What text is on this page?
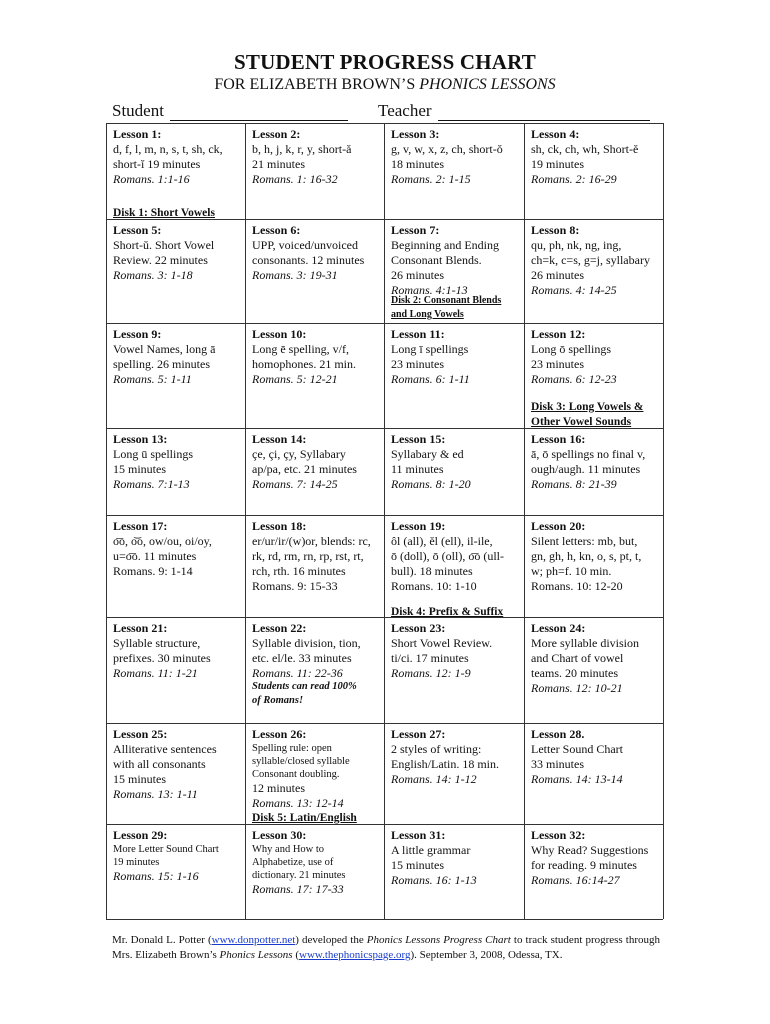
STUDENT PROGRESS CHART
FOR ELIZABETH BROWN’S PHONICS LESSONS
Student	Teacher
Lesson 1:
d, f, l, m, n, s, t, sh, ck,
short-ĭ 19 minutes
Romans. 1:1-16
Lesson 2:
b, h, j, k, r, y, short-ă
21 minutes
Romans. 1: 16-32
Lesson 3:
g, v, w, x, z, ch, short-ŏ
18 minutes
Romans. 2: 1-15
Lesson 4:
sh, ck, ch, wh, Short-ĕ
19 minutes
Romans. 2: 16-29
Lesson 5:
Short-ŭ. Short Vowel
Review. 22 minutes
Romans. 3: 1-18
Lesson 6:
UPP, voiced/unvoiced
consonants. 12 minutes
Romans. 3: 19-31
Lesson 7:
Beginning and Ending
Consonant Blends.
26 minutes
Romans. 4:1-13
Lesson 8:
qu, ph, nk, ng, ing,
ch=k, c=s, g=j, syllabary
26 minutes
Romans. 4: 14-25
Lesson 9:
Vowel Names, long ā
spelling. 26 minutes
Romans. 5: 1-11
Lesson 10:
Long ē spelling, v/f,
homophones. 21 min.
Romans. 5: 12-21
Lesson 11:
Long ī spellings
23 minutes
Romans. 6: 1-11
Lesson 12:
Long ō spellings
23 minutes
Romans. 6: 12-23
Lesson 13:
Long ū spellings
15 minutes
Romans. 7:1-13
Lesson 14:
çe, çi, çy, Syllabary
ap/pa, etc. 21 minutes
Romans. 7: 14-25
Lesson 15:
Syllabary & ed
11 minutes
Romans. 8: 1-20
Lesson 16:
ā, ō spellings no final v,
ough/augh. 11 minutes
Romans. 8: 21-39
Lesson 17:
o͞o, o͝o, ow/ou, oi/oy,
u=o͞o. 11 minutes
Romans. 9: 1-14
Lesson 18:
er/ur/ir/(w)or, blends: rc,
rk, rd, rm, rn, rp, rst, rt,
rch, rth. 16 minutes
Romans. 9: 15-33
Lesson 19:
ôl (all), ĕl (ell), il-ile,
ō (doll), ō (oll), o͞o (ull-
bull). 18 minutes
Romans. 10: 1-10
Lesson 20:
Silent letters: mb, but,
gn, gh, h, kn, o, s, pt, t,
w; ph=f. 10 min.
Romans. 10: 12-20
Lesson 21:
Syllable structure,
prefixes. 30 minutes
Romans. 11: 1-21
Lesson 22:
Syllable division, tion,
etc. el/le. 33 minutes
Romans. 11: 22-36
Lesson 23:
Short Vowel Review.
ti/ci. 17 minutes
Romans. 12: 1-9
Lesson 24:
More syllable division
and Chart of vowel
teams. 20 minutes
Romans. 12: 10-21
Lesson 25:
Alliterative sentences
with all consonants
15 minutes
Romans. 13: 1-11
Lesson 26:
Spelling rule: open
syllable/closed syllable
Consonant doubling.
12 minutes
Romans. 13: 12-14
Lesson 27:
2 styles of writing:
English/Latin. 18 min.
Romans. 14: 1-12
Lesson 28.
Letter Sound Chart
33 minutes
Romans. 14: 13-14
Lesson 29:
More Letter Sound Chart
19 minutes
Romans. 15: 1-16
Lesson 30:
Why and How to
Alphabetize, use of
dictionary. 21 minutes
Romans. 17: 17-33
Lesson 31:
A little grammar
15 minutes
Romans. 16: 1-13
Lesson 32:
Why Read? Suggestions
for reading. 9 minutes
Romans. 16:14-27
Disk 1: Short Vowels
Disk 2: Consonant Blends
and Long Vowels
Disk 3: Long Vowels &
Other Vowel Sounds
Disk 4: Prefix & Suffix
Disk 5: Latin/English
Students can read 100%
of Romans!
Mr. Donald L. Potter (www.donpotter.net) developed the Phonics Lessons Progress Chart to track student progress through Mrs. Elizabeth Brown’s Phonics Lessons (www.thephonicspage.org). September 3, 2008, Odessa, TX.
